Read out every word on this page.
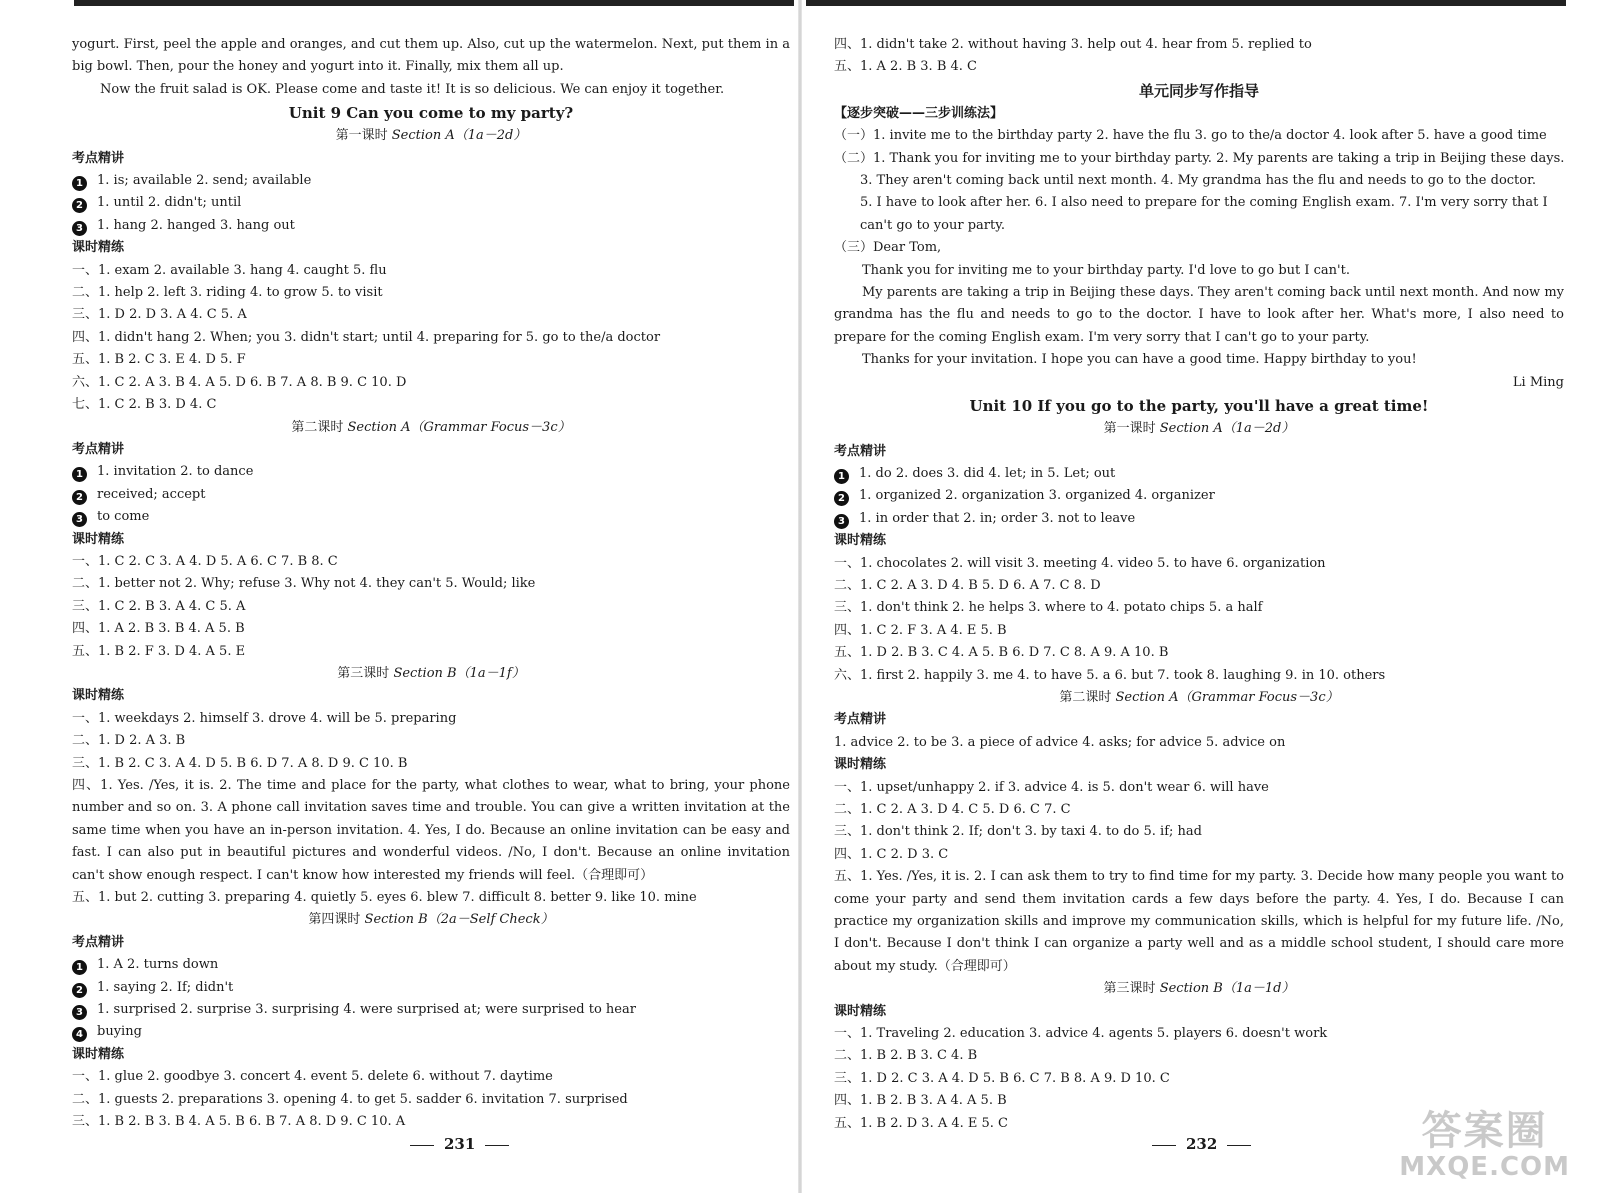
yogurt. First, peel the apple and oranges, and cut them up. Also, cut up the watermelon. Next, put them in a big bowl. Then, pour the honey and yogurt into it. Finally, mix them all up.
Now the fruit salad is OK. Please come and taste it! It is so delicious. We can enjoy it together.
Unit 9 Can you come to my party?
第一课时 Section A（1a－2d）
考点精讲
1 1. is; available 2. send; available
2 1. until 2. didn't; until
3 1. hang 2. hanged 3. hang out
课时精练
一、1. exam 2. available 3. hang 4. caught 5. flu
二、1. help 2. left 3. riding 4. to grow 5. to visit
三、1. D 2. D 3. A 4. C 5. A
四、1. didn't hang 2. When; you 3. didn't start; until 4. preparing for 5. go to the/a doctor
五、1. B 2. C 3. E 4. D 5. F
六、1. C 2. A 3. B 4. A 5. D 6. B 7. A 8. B 9. C 10. D
七、1. C 2. B 3. D 4. C
第二课时 Section A（Grammar Focus－3c）
考点精讲
1 1. invitation 2. to dance
2 received; accept
3 to come
课时精练
一、1. C 2. C 3. A 4. D 5. A 6. C 7. B 8. C
二、1. better not 2. Why; refuse 3. Why not 4. they can't 5. Would; like
三、1. C 2. B 3. A 4. C 5. A
四、1. A 2. B 3. B 4. A 5. B
五、1. B 2. F 3. D 4. A 5. E
第三课时 Section B（1a－1f）
课时精练
一、1. weekdays 2. himself 3. drove 4. will be 5. preparing
二、1. D 2. A 3. B
三、1. B 2. C 3. A 4. D 5. B 6. D 7. A 8. D 9. C 10. B
四、1. Yes. /Yes, it is. 2. The time and place for the party, what clothes to wear, what to bring, your phone number and so on. 3. A phone call invitation saves time and trouble. You can give a written invitation at the same time when you have an in-person invitation. 4. Yes, I do. Because an online invitation can be easy and fast. I can also put in beautiful pictures and wonderful videos. /No, I don't. Because an online invitation can't show enough respect. I can't know how interested my friends will feel.（合理即可）
五、1. but 2. cutting 3. preparing 4. quietly 5. eyes 6. blew 7. difficult 8. better 9. like 10. mine
第四课时 Section B（2a－Self Check）
考点精讲
1 1. A 2. turns down
2 1. saying 2. If; didn't
3 1. surprised 2. surprise 3. surprising 4. were surprised at; were surprised to hear
4 buying
课时精练
一、1. glue 2. goodbye 3. concert 4. event 5. delete 6. without 7. daytime
二、1. guests 2. preparations 3. opening 4. to get 5. sadder 6. invitation 7. surprised
三、1. B 2. B 3. B 4. A 5. B 6. B 7. A 8. D 9. C 10. A
四、1. didn't take 2. without having 3. help out 4. hear from 5. replied to
五、1. A 2. B 3. B 4. C
单元同步写作指导
【逐步突破——三步训练法】
（一）1. invite me to the birthday party 2. have the flu 3. go to the/a doctor 4. look after 5. have a good time
（二）1. Thank you for inviting me to your birthday party. 2. My parents are taking a trip in Beijing these days.
3. They aren't coming back until next month. 4. My grandma has the flu and needs to go to the doctor.
5. I have to look after her. 6. I also need to prepare for the coming English exam. 7. I'm very sorry that I
can't go to your party.
（三）Dear Tom,
Thank you for inviting me to your birthday party. I'd love to go but I can't.
My parents are taking a trip in Beijing these days. They aren't coming back until next month. And now my grandma has the flu and needs to go to the doctor. I have to look after her. What's more, I also need to prepare for the coming English exam. I'm very sorry that I can't go to your party.
Thanks for your invitation. I hope you can have a good time. Happy birthday to you!
Li Ming
Unit 10 If you go to the party, you'll have a great time!
第一课时 Section A（1a－2d）
考点精讲
1 1. do 2. does 3. did 4. let; in 5. Let; out
2 1. organized 2. organization 3. organized 4. organizer
3 1. in order that 2. in; order 3. not to leave
课时精练
一、1. chocolates 2. will visit 3. meeting 4. video 5. to have 6. organization
二、1. C 2. A 3. D 4. B 5. D 6. A 7. C 8. D
三、1. don't think 2. he helps 3. where to 4. potato chips 5. a half
四、1. C 2. F 3. A 4. E 5. B
五、1. D 2. B 3. C 4. A 5. B 6. D 7. C 8. A 9. A 10. B
六、1. first 2. happily 3. me 4. to have 5. a 6. but 7. took 8. laughing 9. in 10. others
第二课时 Section A（Grammar Focus－3c）
考点精讲
1. advice 2. to be 3. a piece of advice 4. asks; for advice 5. advice on
课时精练
一、1. upset/unhappy 2. if 3. advice 4. is 5. don't wear 6. will have
二、1. C 2. A 3. D 4. C 5. D 6. C 7. C
三、1. don't think 2. If; don't 3. by taxi 4. to do 5. if; had
四、1. C 2. D 3. C
五、1. Yes. /Yes, it is. 2. I can ask them to try to find time for my party. 3. Decide how many people you want to come your party and send them invitation cards a few days before the party. 4. Yes, I do. Because I can practice my organization skills and improve my communication skills, which is helpful for my future life. /No, I don't. Because I don't think I can organize a party well and as a middle school student, I should care more about my study.（合理即可）
第三课时 Section B（1a－1d）
课时精练
一、1. Traveling 2. education 3. advice 4. agents 5. players 6. doesn't work
二、1. B 2. B 3. C 4. B
三、1. D 2. C 3. A 4. D 5. B 6. C 7. B 8. A 9. D 10. C
四、1. B 2. B 3. A 4. A 5. B
五、1. B 2. D 3. A 4. E 5. C
231	232	答案圈
MXQE.COM
